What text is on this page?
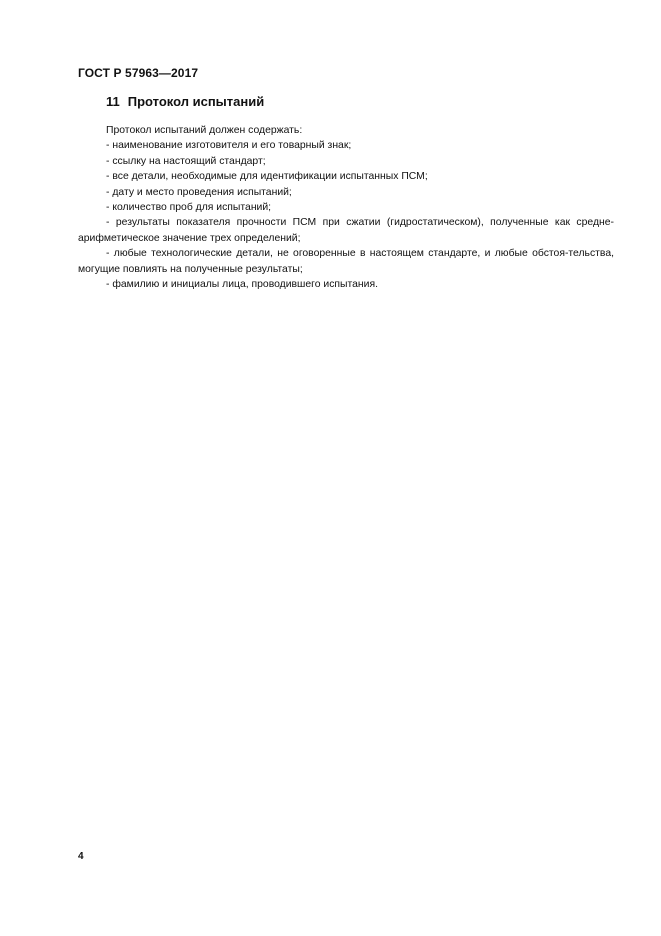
ГОСТ Р 57963—2017
11 Протокол испытаний

Протокол испытаний должен содержать:

- наименование изготовителя и его товарный знак;

- ссылку на настоящий стандарт;

- все детали, необходимые для идентификации испытанных ПСМ;

- дату и место проведения испытаний;

- количество проб для испытаний;

- результаты показателя прочности ПСМ при сжатии (гидростатическом), полученные как средне-арифметическое значение трех определений;

- любые технологические детали, не оговоренные в настоящем стандарте, и любые обстоя-тельства, могущие повлиять на полученные результаты;

- фамилию и инициалы лица, проводившего испытания.

4
